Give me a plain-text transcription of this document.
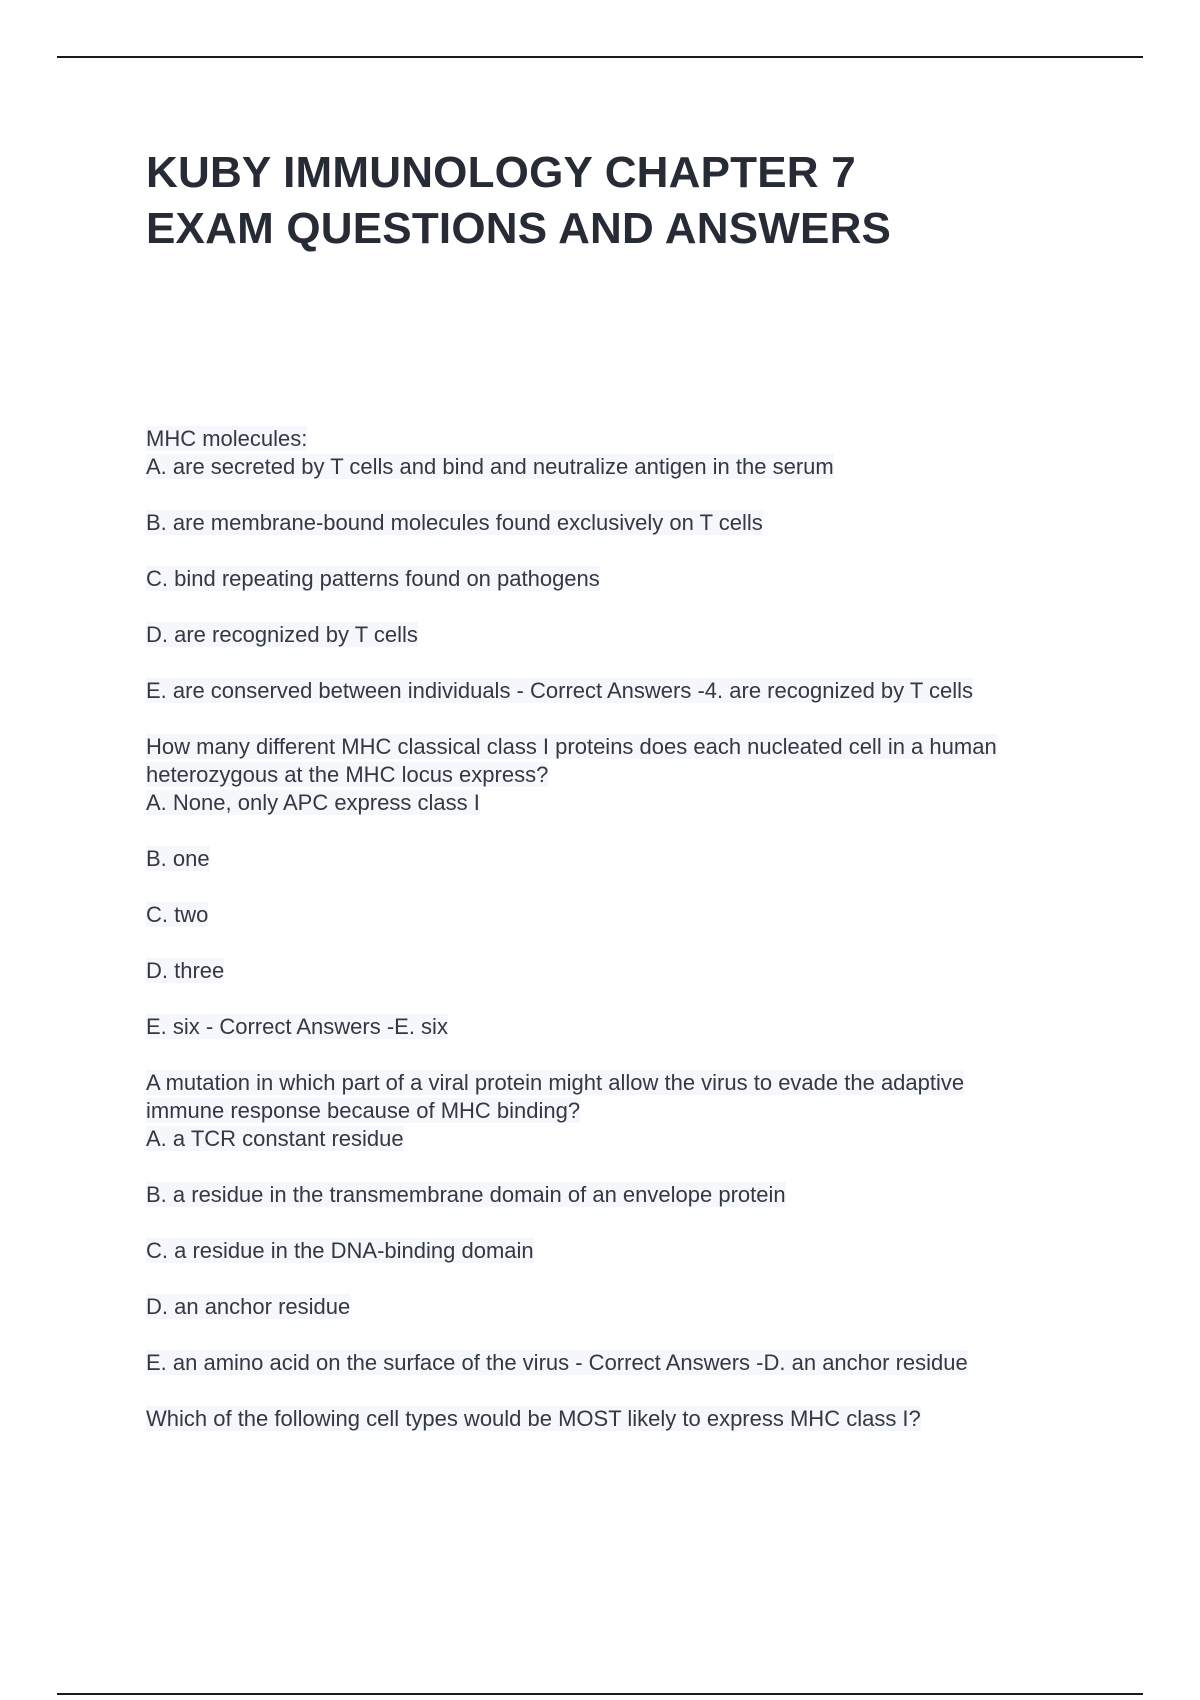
KUBY IMMUNOLOGY CHAPTER 7
EXAM QUESTIONS AND ANSWERS
MHC molecules:
A. are secreted by T cells and bind and neutralize antigen in the serum
B. are membrane-bound molecules found exclusively on T cells
C. bind repeating patterns found on pathogens
D. are recognized by T cells
E. are conserved between individuals - Correct Answers -4. are recognized by T cells
How many different MHC classical class I proteins does each nucleated cell in a human
heterozygous at the MHC locus express?
A. None, only APC express class I
B. one
C. two
D. three
E. six - Correct Answers -E. six
A mutation in which part of a viral protein might allow the virus to evade the adaptive
immune response because of MHC binding?
A. a TCR constant residue
B. a residue in the transmembrane domain of an envelope protein
C. a residue in the DNA-binding domain
D. an anchor residue
E. an amino acid on the surface of the virus - Correct Answers -D. an anchor residue
Which of the following cell types would be MOST likely to express MHC class I?
